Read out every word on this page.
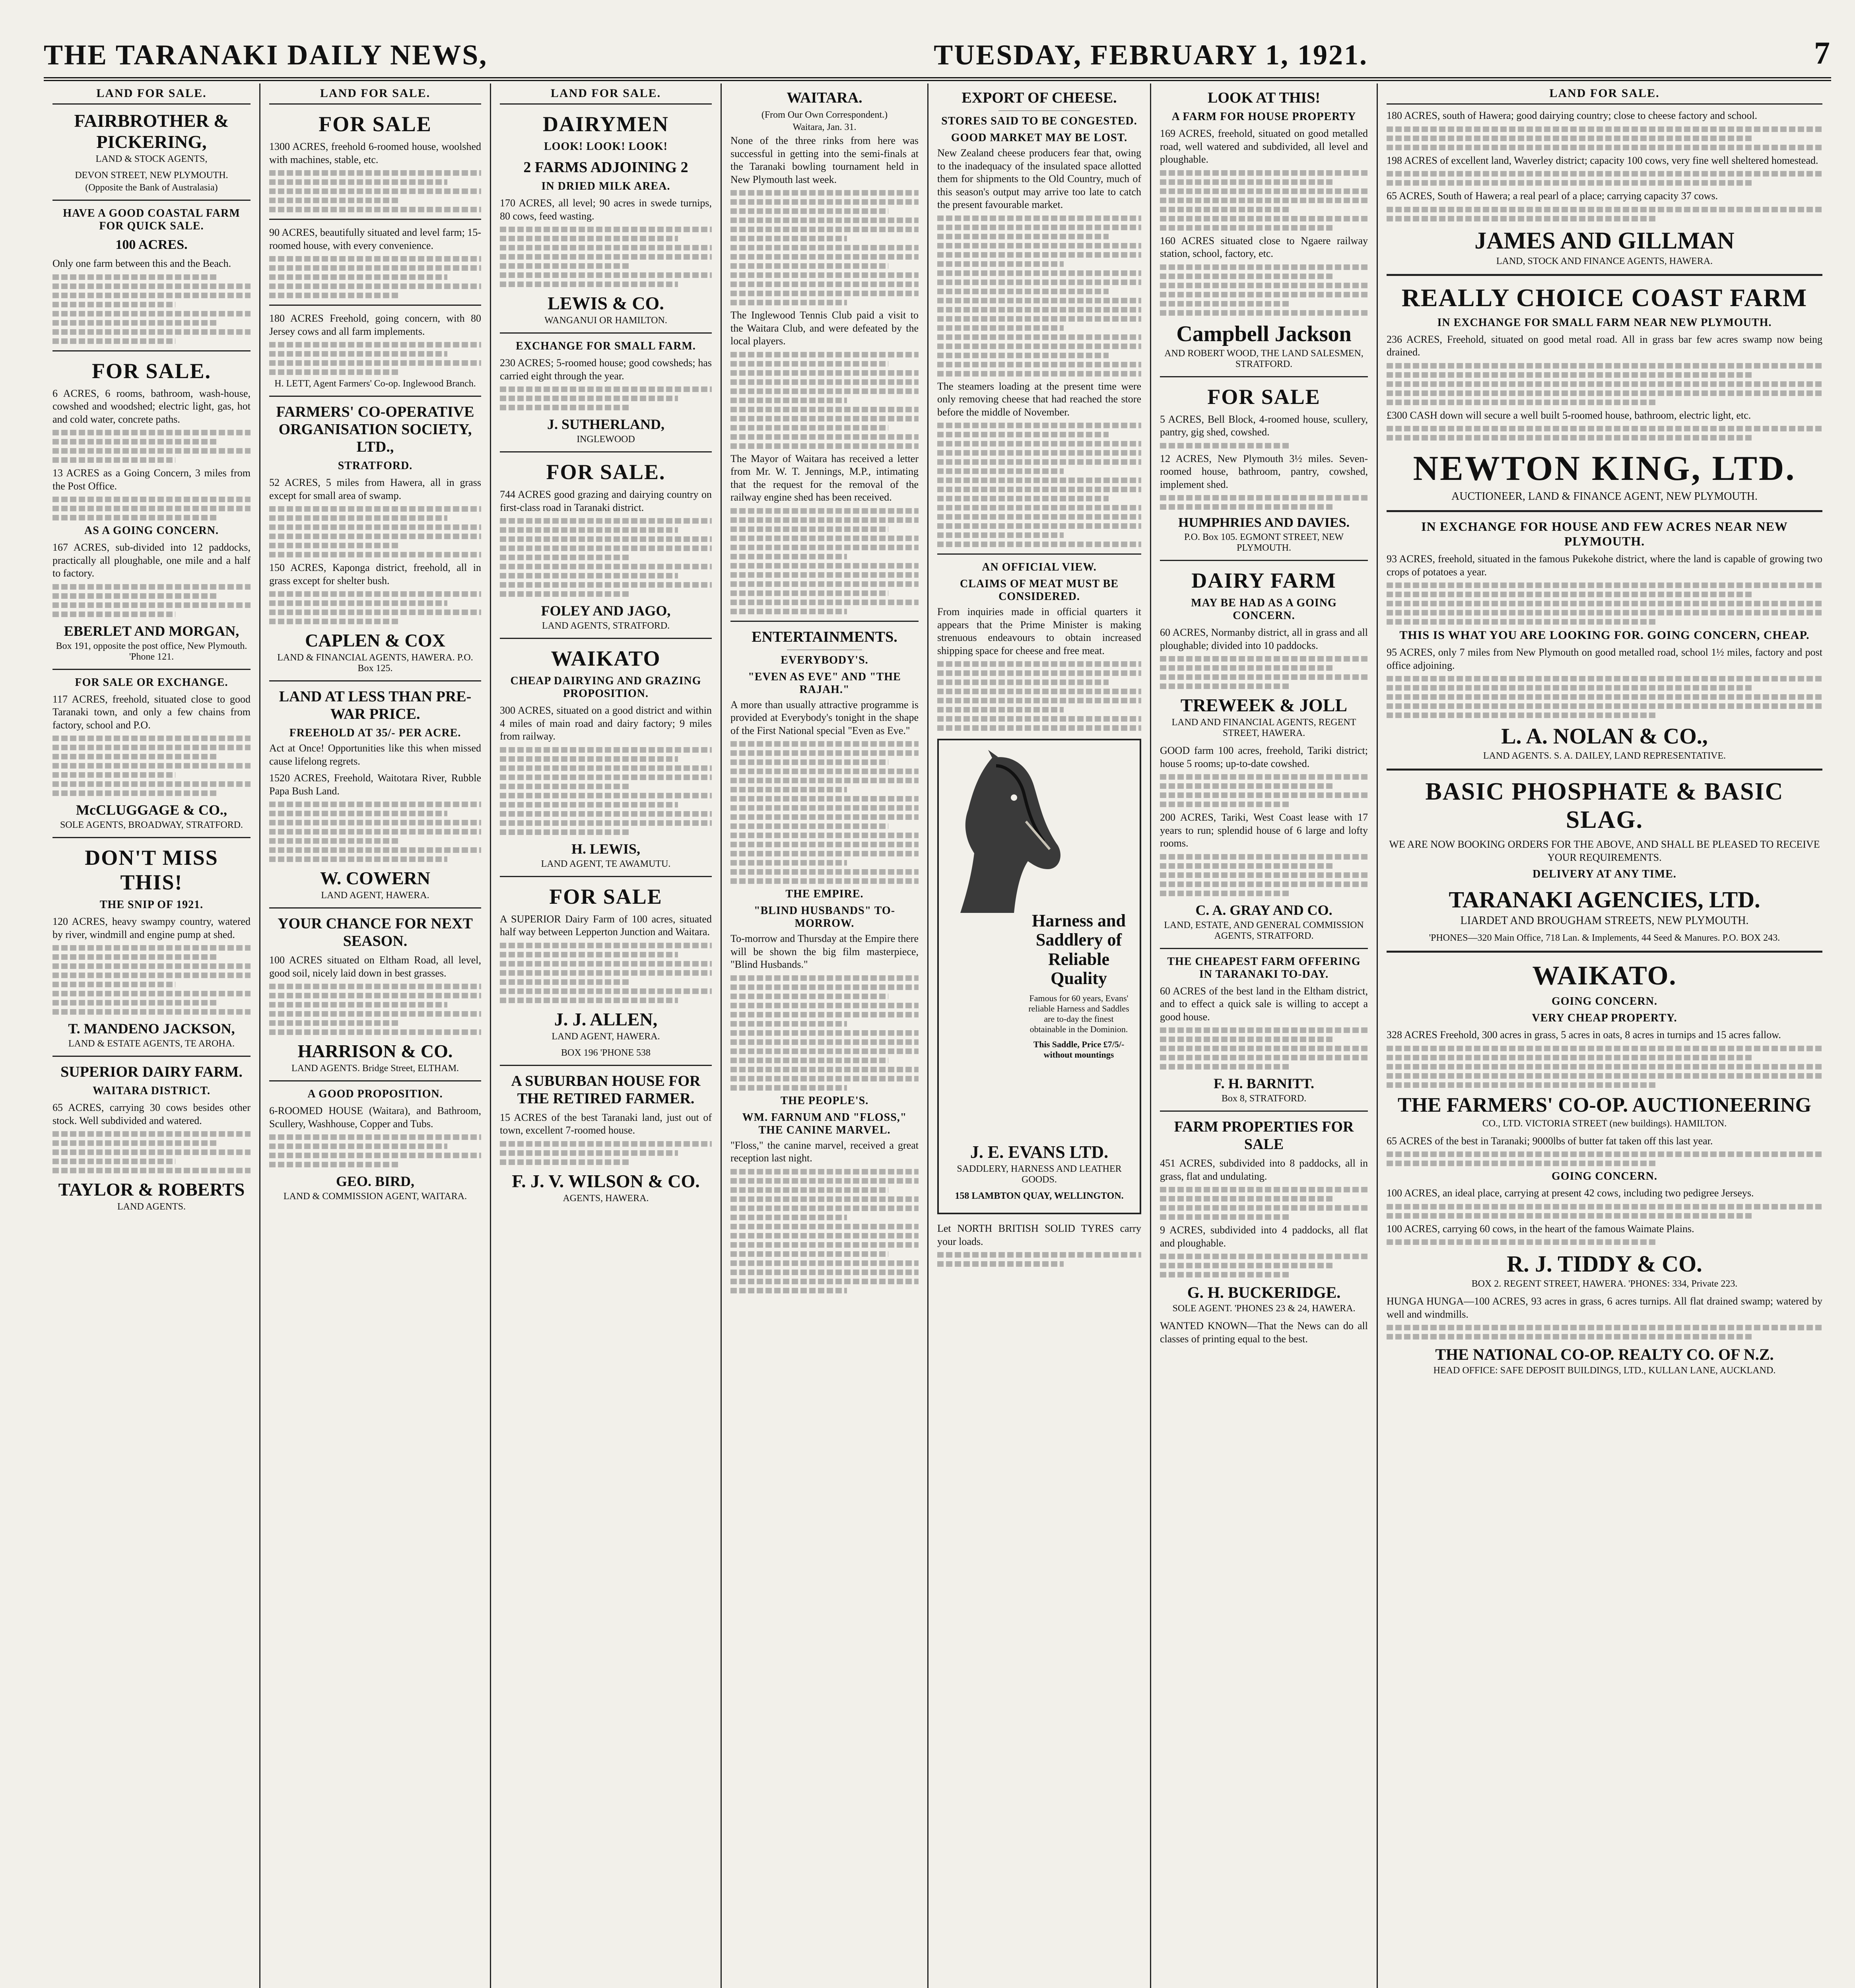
THE TARANAKI DAILY NEWS,	TUESDAY, FEBRUARY 1, 1921.	7
LAND FOR SALE.
FAIRBROTHER & PICKERING,
LAND & STOCK AGENTS,
DEVON STREET, NEW PLYMOUTH.
(Opposite the Bank of Australasia)
HAVE A GOOD COASTAL FARM FOR QUICK SALE.
100 ACRES.
Only one farm between this and the Beach.
FOR SALE.
6 ACRES, 6 rooms, bathroom, wash-house, cowshed and woodshed; electric light, gas, hot and cold water, concrete paths.
13 ACRES as a Going Concern, 3 miles from the Post Office.
AS A GOING CONCERN.
167 ACRES, sub-divided into 12 paddocks, practically all ploughable, one mile and a half to factory.
EBERLET AND MORGAN,
Box 191, opposite the post office, New Plymouth. 'Phone 121.
FOR SALE OR EXCHANGE.
117 ACRES, freehold, situated close to good Taranaki town, and only a few chains from factory, school and P.O.
McCLUGGAGE & CO.,
SOLE AGENTS, BROADWAY, STRATFORD.
DON'T MISS THIS!
THE SNIP OF 1921.
120 ACRES, heavy swampy country, watered by river, windmill and engine pump at shed.
T. MANDENO JACKSON,
LAND & ESTATE AGENTS, TE AROHA.
SUPERIOR DAIRY FARM.
WAITARA DISTRICT.
65 ACRES, carrying 30 cows besides other stock. Well subdivided and watered.
TAYLOR & ROBERTS
LAND AGENTS.
LAND FOR SALE.
FOR SALE
1300 ACRES, freehold 6-roomed house, woolshed with machines, stable, etc.
90 ACRES, beautifully situated and level farm; 15-roomed house, with every convenience.
180 ACRES Freehold, going concern, with 80 Jersey cows and all farm implements.
H. LETT, Agent Farmers' Co-op. Inglewood Branch.
FARMERS' CO-OPERATIVE ORGANISATION SOCIETY, LTD.,
STRATFORD.
52 ACRES, 5 miles from Hawera, all in grass except for small area of swamp.
150 ACRES, Kaponga district, freehold, all in grass except for shelter bush.
CAPLEN & COX
LAND & FINANCIAL AGENTS, HAWERA. P.O. Box 125.
LAND AT LESS THAN PRE-WAR PRICE.
FREEHOLD AT 35/- PER ACRE.
Act at Once! Opportunities like this when missed cause lifelong regrets.
1520 ACRES, Freehold, Waitotara River, Rubble Papa Bush Land.
W. COWERN
LAND AGENT, HAWERA.
YOUR CHANCE FOR NEXT SEASON.
100 ACRES situated on Eltham Road, all level, good soil, nicely laid down in best grasses.
HARRISON & CO.
LAND AGENTS. Bridge Street, ELTHAM.
A GOOD PROPOSITION.
6-ROOMED HOUSE (Waitara), and Bathroom, Scullery, Washhouse, Copper and Tubs.
GEO. BIRD,
LAND & COMMISSION AGENT, WAITARA.
LAND FOR SALE.
DAIRYMEN
LOOK! LOOK! LOOK!
2 FARMS ADJOINING 2
IN DRIED MILK AREA.
170 ACRES, all level; 90 acres in swede turnips, 80 cows, feed wasting.
LEWIS & CO.
WANGANUI OR HAMILTON.
EXCHANGE FOR SMALL FARM.
230 ACRES; 5-roomed house; good cowsheds; has carried eight through the year.
J. SUTHERLAND,
INGLEWOOD
FOR SALE.
744 ACRES good grazing and dairying country on first-class road in Taranaki district.
FOLEY AND JAGO,
LAND AGENTS, STRATFORD.
WAIKATO
CHEAP DAIRYING AND GRAZING PROPOSITION.
300 ACRES, situated on a good district and within 4 miles of main road and dairy factory; 9 miles from railway.
H. LEWIS,
LAND AGENT, TE AWAMUTU.
FOR SALE
A SUPERIOR Dairy Farm of 100 acres, situated half way between Lepperton Junction and Waitara.
J. J. ALLEN,
LAND AGENT, HAWERA.
BOX 196 'PHONE 538
A SUBURBAN HOUSE FOR THE RETIRED FARMER.
15 ACRES of the best Taranaki land, just out of town, excellent 7-roomed house.
F. J. V. WILSON & CO.
AGENTS, HAWERA.
WAITARA.
(From Our Own Correspondent.)
Waitara, Jan. 31.
None of the three rinks from here was successful in getting into the semi-finals at the Taranaki bowling tournament held in New Plymouth last week.
The Inglewood Tennis Club paid a visit to the Waitara Club, and were defeated by the local players.
The Mayor of Waitara has received a letter from Mr. W. T. Jennings, M.P., intimating that the request for the removal of the railway engine shed has been received.
ENTERTAINMENTS.
EVERYBODY'S.
"EVEN AS EVE" AND "THE RAJAH."
A more than usually attractive programme is provided at Everybody's tonight in the shape of the First National special "Even as Eve."
THE EMPIRE.
"BLIND HUSBANDS" TO-MORROW.
To-morrow and Thursday at the Empire there will be shown the big film masterpiece, "Blind Husbands."
THE PEOPLE'S.
WM. FARNUM AND "FLOSS," THE CANINE MARVEL.
"Floss," the canine marvel, received a great reception last night.
EXPORT OF CHEESE.
STORES SAID TO BE CONGESTED.
GOOD MARKET MAY BE LOST.
New Zealand cheese producers fear that, owing to the inadequacy of the insulated space allotted them for shipments to the Old Country, much of this season's output may arrive too late to catch the present favourable market.
The steamers loading at the present time were only removing cheese that had reached the store before the middle of November.
AN OFFICIAL VIEW.
CLAIMS OF MEAT MUST BE CONSIDERED.
From inquiries made in official quarters it appears that the Prime Minister is making strenuous endeavours to obtain increased shipping space for cheese and free meat.
Harness and Saddlery of Reliable Quality
Famous for 60 years, Evans' reliable Harness and Saddles are to-day the finest obtainable in the Dominion.
This Saddle, Price £7/5/- without mountings
J. E. EVANS LTD.
SADDLERY, HARNESS AND LEATHER GOODS.
158 LAMBTON QUAY, WELLINGTON.
Let NORTH BRITISH SOLID TYRES carry your loads.
LOOK AT THIS!
A FARM FOR HOUSE PROPERTY
169 ACRES, freehold, situated on good metalled road, well watered and subdivided, all level and ploughable.
160 ACRES situated close to Ngaere railway station, school, factory, etc.
Campbell Jackson
AND ROBERT WOOD, THE LAND SALESMEN, STRATFORD.
FOR SALE
5 ACRES, Bell Block, 4-roomed house, scullery, pantry, gig shed, cowshed.
12 ACRES, New Plymouth 3½ miles. Seven-roomed house, bathroom, pantry, cowshed, implement shed.
HUMPHRIES AND DAVIES.
P.O. Box 105. EGMONT STREET, NEW PLYMOUTH.
DAIRY FARM
MAY BE HAD AS A GOING CONCERN.
60 ACRES, Normanby district, all in grass and all ploughable; divided into 10 paddocks.
TREWEEK & JOLL
LAND AND FINANCIAL AGENTS, REGENT STREET, HAWERA.
GOOD farm 100 acres, freehold, Tariki district; house 5 rooms; up-to-date cowshed.
200 ACRES, Tariki, West Coast lease with 17 years to run; splendid house of 6 large and lofty rooms.
C. A. GRAY AND CO.
LAND, ESTATE, AND GENERAL COMMISSION AGENTS, STRATFORD.
THE CHEAPEST FARM OFFERING IN TARANAKI TO-DAY.
60 ACRES of the best land in the Eltham district, and to effect a quick sale is willing to accept a good house.
F. H. BARNITT.
Box 8, STRATFORD.
FARM PROPERTIES FOR SALE
451 ACRES, subdivided into 8 paddocks, all in grass, flat and undulating.
9 ACRES, subdivided into 4 paddocks, all flat and ploughable.
G. H. BUCKERIDGE.
SOLE AGENT. 'PHONES 23 & 24, HAWERA.
WANTED KNOWN—That the News can do all classes of printing equal to the best.
LAND FOR SALE.
180 ACRES, south of Hawera; good dairying country; close to cheese factory and school.
198 ACRES of excellent land, Waverley district; capacity 100 cows, very fine well sheltered homestead.
65 ACRES, South of Hawera; a real pearl of a place; carrying capacity 37 cows.
JAMES AND GILLMAN
LAND, STOCK AND FINANCE AGENTS, HAWERA.
REALLY CHOICE COAST FARM
IN EXCHANGE FOR SMALL FARM NEAR NEW PLYMOUTH.
236 ACRES, Freehold, situated on good metal road. All in grass bar few acres swamp now being drained.
£300 CASH down will secure a well built 5-roomed house, bathroom, electric light, etc.
NEWTON KING, LTD.
AUCTIONEER, LAND & FINANCE AGENT, NEW PLYMOUTH.
IN EXCHANGE FOR HOUSE AND FEW ACRES NEAR NEW PLYMOUTH.
93 ACRES, freehold, situated in the famous Pukekohe district, where the land is capable of growing two crops of potatoes a year.
THIS IS WHAT YOU ARE LOOKING FOR. GOING CONCERN, CHEAP.
95 ACRES, only 7 miles from New Plymouth on good metalled road, school 1½ miles, factory and post office adjoining.
L. A. NOLAN & CO.,
LAND AGENTS. S. A. DAILEY, LAND REPRESENTATIVE.
BASIC PHOSPHATE & BASIC SLAG.
WE ARE NOW BOOKING ORDERS FOR THE ABOVE, AND SHALL BE PLEASED TO RECEIVE YOUR REQUIREMENTS.
DELIVERY AT ANY TIME.
TARANAKI AGENCIES, LTD.
LIARDET AND BROUGHAM STREETS, NEW PLYMOUTH.
'PHONES—320 Main Office, 718 Lan. & Implements, 44 Seed & Manures. P.O. BOX 243.
WAIKATO.
GOING CONCERN.
VERY CHEAP PROPERTY.
328 ACRES Freehold, 300 acres in grass, 5 acres in oats, 8 acres in turnips and 15 acres fallow.
THE FARMERS' CO-OP. AUCTIONEERING
CO., LTD. VICTORIA STREET (new buildings). HAMILTON.
65 ACRES of the best in Taranaki; 9000lbs of butter fat taken off this last year.
GOING CONCERN.
100 ACRES, an ideal place, carrying at present 42 cows, including two pedigree Jerseys.
100 ACRES, carrying 60 cows, in the heart of the famous Waimate Plains.
R. J. TIDDY & CO.
BOX 2. REGENT STREET, HAWERA. 'PHONES: 334, Private 223.
HUNGA HUNGA—100 ACRES, 93 acres in grass, 6 acres turnips. All flat drained swamp; watered by well and windmills.
THE NATIONAL CO-OP. REALTY CO. OF N.Z.
HEAD OFFICE: SAFE DEPOSIT BUILDINGS, LTD., KULLAN LANE, AUCKLAND.
